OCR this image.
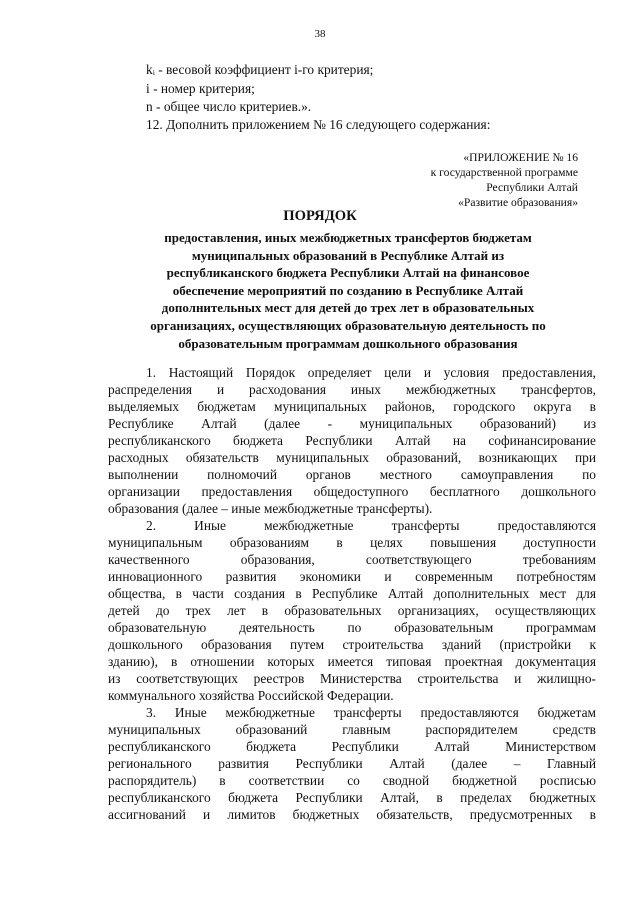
38
kᵢ - весовой коэффициент i-го критерия;
i - номер критерия;
n - общее число критериев.».
12. Дополнить приложением № 16 следующего содержания:
«ПРИЛОЖЕНИЕ № 16
к государственной программе
Республики Алтай
«Развитие образования»
ПОРЯДОК
предоставления, иных межбюджетных трансфертов бюджетам
муниципальных образований в Республике Алтай из
республиканского бюджета Республики Алтай на финансовое
обеспечение мероприятий по созданию в Республике Алтай
дополнительных мест для детей до трех лет в образовательных
организациях, осуществляющих образовательную деятельность по
образовательным программам дошкольного образования
1. Настоящий Порядок определяет цели и условия предоставления,
распределения и расходования иных межбюджетных трансфертов,
выделяемых бюджетам муниципальных районов, городского округа в
Республике Алтай (далее - муниципальных образований) из
республиканского бюджета Республики Алтай на софинансирование
расходных обязательств муниципальных образований, возникающих при
выполнении полномочий органов местного самоуправления по
организации предоставления общедоступного бесплатного дошкольного
образования (далее – иные межбюджетные трансферты).
2. Иные межбюджетные трансферты предоставляются
муниципальным образованиям в целях повышения доступности
качественного образования, соответствующего требованиям
инновационного развития экономики и современным потребностям
общества, в части создания в Республике Алтай дополнительных мест для
детей до трех лет в образовательных организациях, осуществляющих
образовательную деятельность по образовательным программам
дошкольного образования путем строительства зданий (пристройки к
зданию), в отношении которых имеется типовая проектная документация
из соответствующих реестров Министерства строительства и жилищно-
коммунального хозяйства Российской Федерации.
3. Иные межбюджетные трансферты предоставляются бюджетам
муниципальных образований главным распорядителем средств
республиканского бюджета Республики Алтай Министерством
регионального развития Республики Алтай (далее – Главный
распорядитель) в соответствии со сводной бюджетной росписью
республиканского бюджета Республики Алтай, в пределах бюджетных
ассигнований и лимитов бюджетных обязательств, предусмотренных в
